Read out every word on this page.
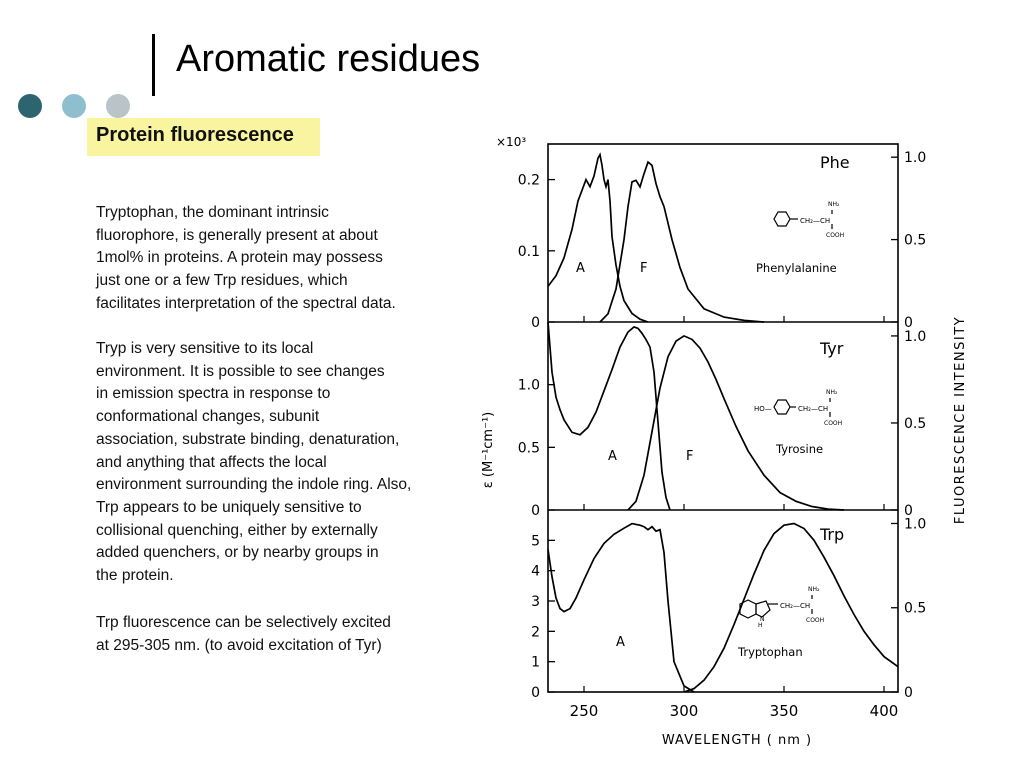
Aromatic residues
Protein fluorescence
Tryptophan, the dominant intrinsic
fluorophore, is generally present at about
1mol% in proteins. A protein may possess
just one or a few Trp residues, which
facilitates interpretation of the spectral data.
Tryp is very sensitive to its local
environment. It is possible to see changes
in emission spectra in response to
conformational changes, subunit
association, substrate binding, denaturation,
and anything that affects the local
environment surrounding the indole ring. Also,
Trp appears to be uniquely sensitive to
collisional quenching, either by externally
added quenchers, or by nearby groups in
the protein.
Trp fluorescence can be selectively excited
at 295-305 nm. (to avoid excitation of Tyr)
0.2
0.1
0
1.0
0.5
0
Phe
Phenylalanine
A	F
1.0
0.5
0
1.0
0.5
0
Tyr
Tyrosine
A	F
5
4
3
2
1
0
1.0
0.5
0
Trp
Tryptophan
A
×10³
250	300	350	400
WAVELENGTH ( nm )
ε (M⁻¹cm⁻¹)	FLUORESCENCE INTENSITY
CH₂—CH
NH₂
COOH
HO—	CH₂—CH
NH₂
COOH
H
N
CH₂—CH
NH₂
COOH
